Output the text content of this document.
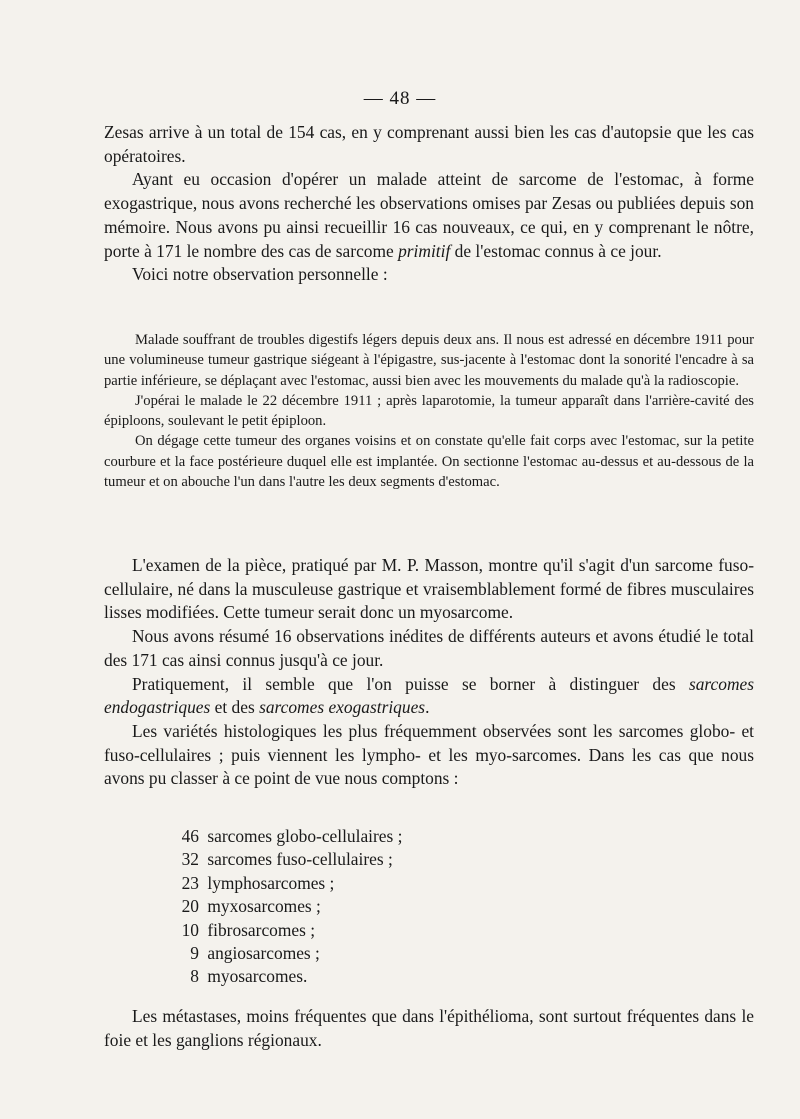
— 48 —

Zesas arrive à un total de 154 cas, en y comprenant aussi bien les cas d'autopsie que les cas opératoires.

Ayant eu occasion d'opérer un malade atteint de sarcome de l'estomac, à forme exogastrique, nous avons recherché les observations omises par Zesas ou publiées depuis son mémoire. Nous avons pu ainsi recueillir 16 cas nouveaux, ce qui, en y comprenant le nôtre, porte à 171 le nombre des cas de sarcome primitif de l'estomac connus à ce jour.

Voici notre observation personnelle :

Malade souffrant de troubles digestifs légers depuis deux ans. Il nous est adressé en décembre 1911 pour une volumineuse tumeur gastrique siégeant à l'épigastre, sus-jacente à l'estomac dont la sonorité l'encadre à sa partie inférieure, se déplaçant avec l'estomac, aussi bien avec les mouvements du malade qu'à la radioscopie.

J'opérai le malade le 22 décembre 1911 ; après laparotomie, la tumeur apparaît dans l'arrière-cavité des épiploons, soulevant le petit épiploon.

On dégage cette tumeur des organes voisins et on constate qu'elle fait corps avec l'estomac, sur la petite courbure et la face postérieure duquel elle est implantée. On sectionne l'estomac au-dessus et au-dessous de la tumeur et on abouche l'un dans l'autre les deux segments d'estomac.

L'examen de la pièce, pratiqué par M. P. Masson, montre qu'il s'agit d'un sarcome fuso-cellulaire, né dans la musculeuse gastrique et vraisemblablement formé de fibres musculaires lisses modifiées. Cette tumeur serait donc un myosarcome.

Nous avons résumé 16 observations inédites de différents auteurs et avons étudié le total des 171 cas ainsi connus jusqu'à ce jour.

Pratiquement, il semble que l'on puisse se borner à distinguer des sarcomes endogastriques et des sarcomes exogastriques.

Les variétés histologiques les plus fréquemment observées sont les sarcomes globo- et fuso-cellulaires ; puis viennent les lympho- et les myo-sarcomes. Dans les cas que nous avons pu classer à ce point de vue nous comptons :

46 sarcomes globo-cellulaires ;
32 sarcomes fuso-cellulaires ;
23 lymphosarcomes ;
20 myxosarcomes ;
10 fibrosarcomes ;
9 angiosarcomes ;
8 myosarcomes.

Les métastases, moins fréquentes que dans l'épithélioma, sont surtout fréquentes dans le foie et les ganglions régionaux.
